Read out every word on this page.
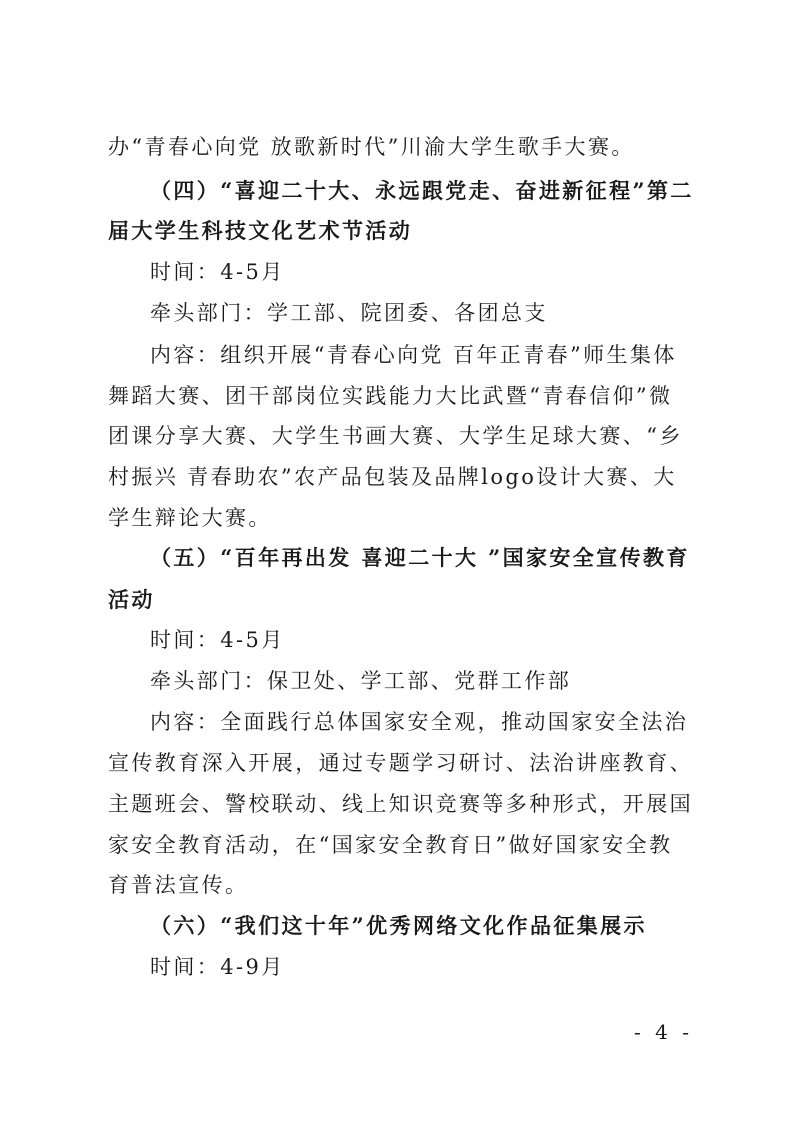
办“青春心向党 放歌新时代”川渝大学生歌手大赛。
（四）“喜迎二十大、永远跟党走、奋进新征程”第二
届大学生科技文化艺术节活动
时间：4-5月
牵头部门：学工部、院团委、各团总支
内容：组织开展“青春心向党 百年正青春”师生集体
舞蹈大赛、团干部岗位实践能力大比武暨“青春信仰”微
团课分享大赛、大学生书画大赛、大学生足球大赛、“乡
村振兴 青春助农”农产品包装及品牌logo设计大赛、大
学生辩论大赛。
（五）“百年再出发 喜迎二十大 ”国家安全宣传教育
活动
时间：4-5月
牵头部门：保卫处、学工部、党群工作部
内容：全面践行总体国家安全观，推动国家安全法治
宣传教育深入开展，通过专题学习研讨、法治讲座教育、
主题班会、警校联动、线上知识竞赛等多种形式，开展国
家安全教育活动，在“国家安全教育日”做好国家安全教
育普法宣传。
（六）“我们这十年”优秀网络文化作品征集展示
时间：4-9月
- 4 -
